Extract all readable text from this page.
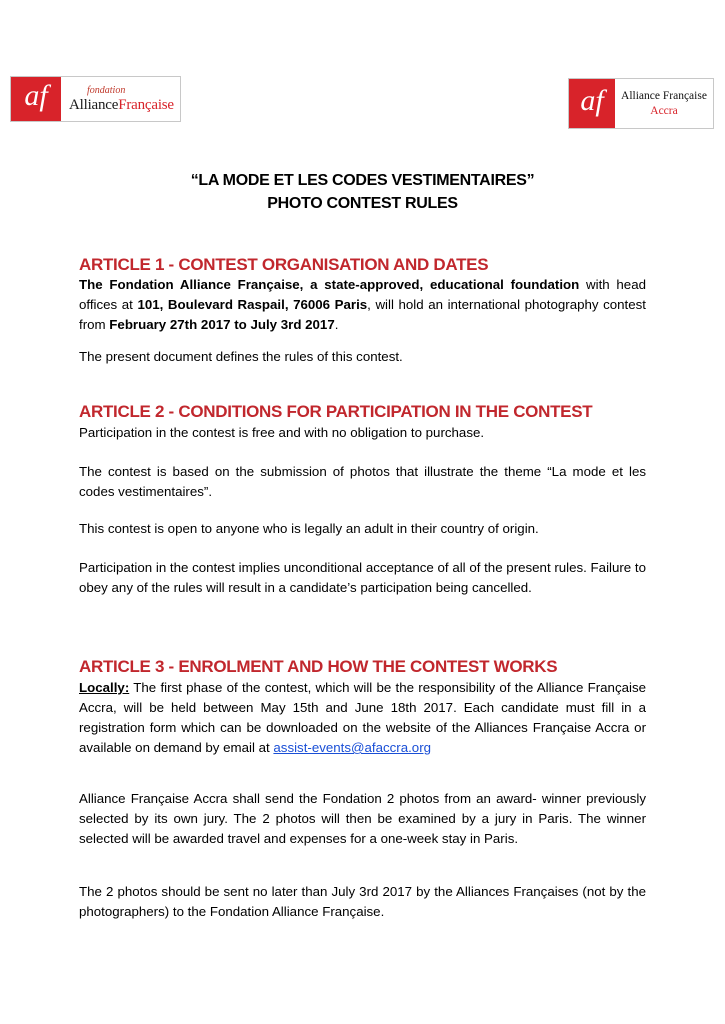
af	fondation
AllianceFrançaise	af	Alliance Française
Accra
“LA MODE ET LES CODES VESTIMENTAIRES”
PHOTO CONTEST RULES
ARTICLE 1 - CONTEST ORGANISATION AND DATES
The Fondation Alliance Française, a state-approved, educational foundation with head offices at 101, Boulevard Raspail, 76006 Paris, will hold an international photography contest from February 27th 2017 to July 3rd 2017.
The present document defines the rules of this contest.
ARTICLE 2 - CONDITIONS FOR PARTICIPATION IN THE CONTEST
Participation in the contest is free and with no obligation to purchase.
The contest is based on the submission of photos that illustrate the theme “La mode et les codes vestimentaires”.
This contest is open to anyone who is legally an adult in their country of origin.
Participation in the contest implies unconditional acceptance of all of the present rules. Failure to obey any of the rules will result in a candidate’s participation being cancelled.
ARTICLE 3 - ENROLMENT AND HOW THE CONTEST WORKS
Locally: The first phase of the contest, which will be the responsibility of the Alliance Française Accra, will be held between May 15th and June 18th 2017. Each candidate must fill in a registration form which can be downloaded on the website of the Alliances Française Accra or available on demand by email at assist-events@afaccra.org
Alliance Française Accra shall send the Fondation 2 photos from an award- winner previously selected by its own jury. The 2 photos will then be examined by a jury in Paris. The winner selected will be awarded travel and expenses for a one-week stay in Paris.
The 2 photos should be sent no later than July 3rd 2017 by the Alliances Françaises (not by the photographers) to the Fondation Alliance Française.
